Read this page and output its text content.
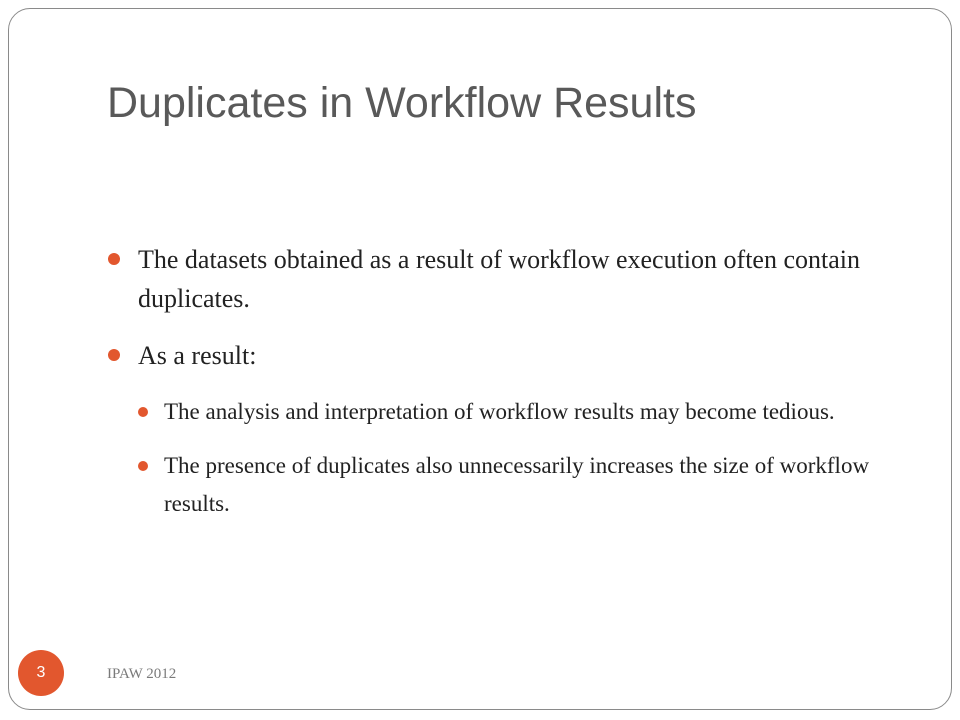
Duplicates in Workflow Results
The datasets obtained as a result of workflow execution often contain duplicates.
As a result:
The analysis and interpretation of workflow results may become tedious.
The presence of duplicates also unnecessarily increases the size of workflow results.
3	IPAW 2012
